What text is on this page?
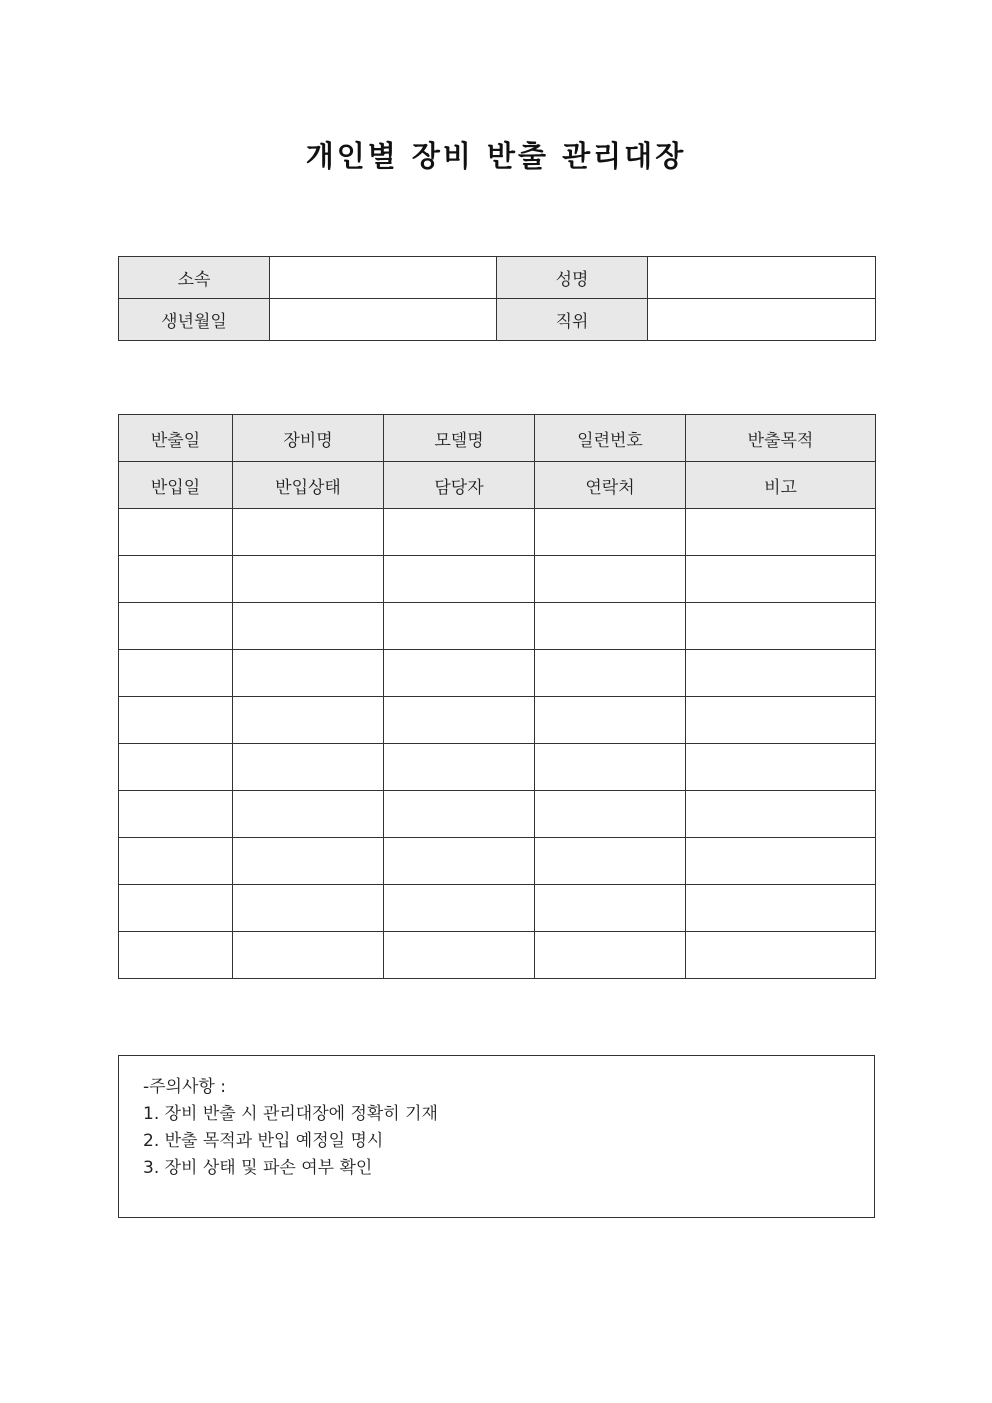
개인별 장비 반출 관리대장
소속		성명	
생년월일		직위	
반출일	장비명	모델명	일련번호	반출목적
반입일	반입상태	담당자	연락처	비고

-주의사항 :
1. 장비 반출 시 관리대장에 정확히 기재
2. 반출 목적과 반입 예정일 명시
3. 장비 상태 및 파손 여부 확인
